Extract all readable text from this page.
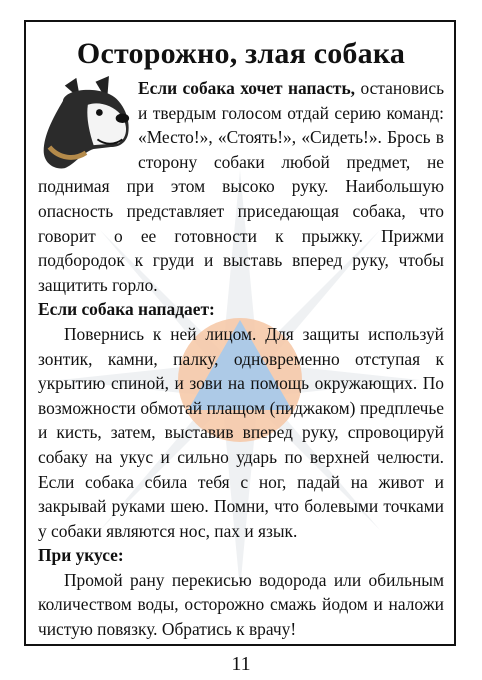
Осторожно, злая собака

Если собака хочет напасть, остановись и твердым голосом отдай серию команд: «Место!», «Стоять!», «Сидеть!». Брось в сторону собаки любой предмет, не поднимая при этом высоко руку. Наибольшую опасность представляет приседающая собака, что говорит о ее готовности к прыжку. Прижми подбородок к груди и выставь вперед руку, чтобы защитить горло.

Если собака нападает:

Повернись к ней лицом. Для защиты используй зонтик, камни, палку, одновременно отступая к укрытию спиной, и зови на помощь окружающих. По возможности обмотай плащом (пиджаком) предплечье и кисть, затем, выставив вперед руку, спровоцируй собаку на укус и сильно ударь по верхней челюсти. Если собака сбила тебя с ног, падай на живот и закрывай руками шею. Помни, что болевыми точками у собаки являются нос, пах и язык.

При укусе:

Промой рану перекисью водорода или обильным количеством воды, осторожно смажь йодом и наложи чистую повязку. Обратись к врачу!

11
